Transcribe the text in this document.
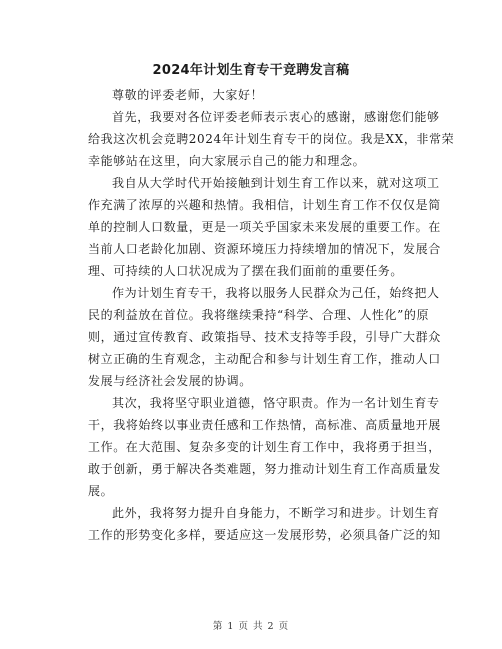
2024年计划生育专干竞聘发言稿
尊敬的评委老师，大家好！
首先，我要对各位评委老师表示衷心的感谢，感谢您们能够
给我这次机会竞聘2024年计划生育专干的岗位。我是XX，非常荣
幸能够站在这里，向大家展示自己的能力和理念。
我自从大学时代开始接触到计划生育工作以来，就对这项工
作充满了浓厚的兴趣和热情。我相信，计划生育工作不仅仅是简
单的控制人口数量，更是一项关乎国家未来发展的重要工作。在
当前人口老龄化加剧、资源环境压力持续增加的情况下，发展合
理、可持续的人口状况成为了摆在我们面前的重要任务。
作为计划生育专干，我将以服务人民群众为己任，始终把人
民的利益放在首位。我将继续秉持“科学、合理、人性化”的原
则，通过宣传教育、政策指导、技术支持等手段，引导广大群众
树立正确的生育观念，主动配合和参与计划生育工作，推动人口
发展与经济社会发展的协调。
其次，我将坚守职业道德，恪守职责。作为一名计划生育专
干，我将始终以事业责任感和工作热情，高标准、高质量地开展
工作。在大范围、复杂多变的计划生育工作中，我将勇于担当，
敢于创新，勇于解决各类难题，努力推动计划生育工作高质量发
展。
此外，我将努力提升自身能力，不断学习和进步。计划生育
工作的形势变化多样，要适应这一发展形势，必须具备广泛的知
第 1 页 共 2 页
